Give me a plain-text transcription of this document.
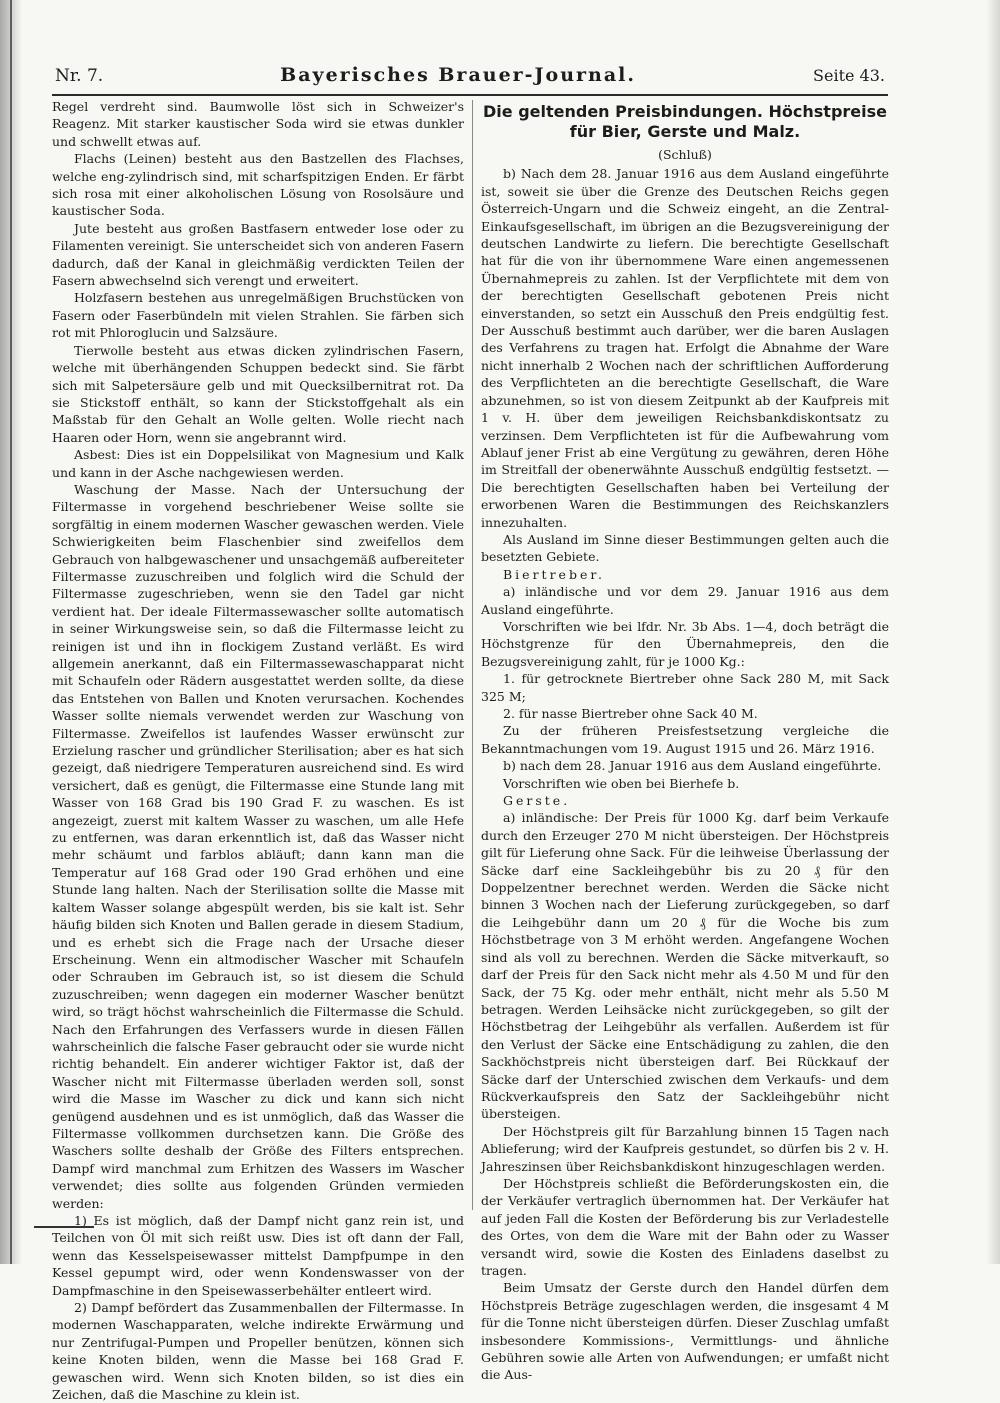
Nr. 7.	Bayerisches Brauer-Journal.	Seite 43.

Regel verdreht sind. Baumwolle löst sich in Schweizer's Reagenz. Mit starker kaustischer Soda wird sie etwas dunkler und schwellt etwas auf.

Flachs (Leinen) besteht aus den Bastzellen des Flachses, welche eng-zylindrisch sind, mit scharfspitzigen Enden. Er färbt sich rosa mit einer alkoholischen Lösung von Rosolsäure und kaustischer Soda.

Jute besteht aus großen Bastfasern entweder lose oder zu Filamenten vereinigt. Sie unterscheidet sich von anderen Fasern dadurch, daß der Kanal in gleichmäßig verdickten Teilen der Fasern abwechselnd sich verengt und erweitert.

Holzfasern bestehen aus unregelmäßigen Bruchstücken von Fasern oder Faserbündeln mit vielen Strahlen. Sie färben sich rot mit Phloroglucin und Salzsäure.

Tierwolle besteht aus etwas dicken zylindrischen Fasern, welche mit überhängenden Schuppen bedeckt sind. Sie färbt sich mit Salpetersäure gelb und mit Quecksilbernitrat rot. Da sie Stickstoff enthält, so kann der Stickstoffgehalt als ein Maßstab für den Gehalt an Wolle gelten. Wolle riecht nach Haaren oder Horn, wenn sie angebrannt wird.

Asbest: Dies ist ein Doppelsilikat von Magnesium und Kalk und kann in der Asche nachgewiesen werden.

Waschung der Masse. Nach der Untersuchung der Filtermasse in vorgehend beschriebener Weise sollte sie sorgfältig in einem modernen Wascher gewaschen werden. Viele Schwierigkeiten beim Flaschenbier sind zweifellos dem Gebrauch von halbgewaschener und unsachgemäß aufbereiteter Filtermasse zuzuschreiben und folglich wird die Schuld der Filtermasse zugeschrieben, wenn sie den Tadel gar nicht verdient hat. Der ideale Filtermassewascher sollte automatisch in seiner Wirkungsweise sein, so daß die Filtermasse leicht zu reinigen ist und ihn in flockigem Zustand verläßt. Es wird allgemein anerkannt, daß ein Filtermassewaschapparat nicht mit Schaufeln oder Rädern ausgestattet werden sollte, da diese das Entstehen von Ballen und Knoten verursachen. Kochendes Wasser sollte niemals verwendet werden zur Waschung von Filtermasse. Zweifellos ist laufendes Wasser erwünscht zur Erzielung rascher und gründlicher Sterilisation; aber es hat sich gezeigt, daß niedrigere Temperaturen ausreichend sind. Es wird versichert, daß es genügt, die Filtermasse eine Stunde lang mit Wasser von 168 Grad bis 190 Grad F. zu waschen. Es ist angezeigt, zuerst mit kaltem Wasser zu waschen, um alle Hefe zu entfernen, was daran erkenntlich ist, daß das Wasser nicht mehr schäumt und farblos abläuft; dann kann man die Temperatur auf 168 Grad oder 190 Grad erhöhen und eine Stunde lang halten. Nach der Sterilisation sollte die Masse mit kaltem Wasser solange abgespült werden, bis sie kalt ist. Sehr häufig bilden sich Knoten und Ballen gerade in diesem Stadium, und es erhebt sich die Frage nach der Ursache dieser Erscheinung. Wenn ein altmodischer Wascher mit Schaufeln oder Schrauben im Gebrauch ist, so ist diesem die Schuld zuzuschreiben; wenn dagegen ein moderner Wascher benützt wird, so trägt höchst wahrscheinlich die Filtermasse die Schuld. Nach den Erfahrungen des Verfassers wurde in diesen Fällen wahrscheinlich die falsche Faser gebraucht oder sie wurde nicht richtig behandelt. Ein anderer wichtiger Faktor ist, daß der Wascher nicht mit Filtermasse überladen werden soll, sonst wird die Masse im Wascher zu dick und kann sich nicht genügend ausdehnen und es ist unmöglich, daß das Wasser die Filtermasse vollkommen durchsetzen kann. Die Größe des Waschers sollte deshalb der Größe des Filters entsprechen. Dampf wird manchmal zum Erhitzen des Wassers im Wascher verwendet; dies sollte aus folgenden Gründen vermieden werden:

1) Es ist möglich, daß der Dampf nicht ganz rein ist, und Teilchen von Öl mit sich reißt usw. Dies ist oft dann der Fall, wenn das Kesselspeisewasser mittelst Dampfpumpe in den Kessel gepumpt wird, oder wenn Kondenswasser von der Dampfmaschine in den Speisewasserbehälter entleert wird.

2) Dampf befördert das Zusammenballen der Filtermasse. In modernen Waschapparaten, welche indirekte Erwärmung und nur Zentrifugal-Pumpen und Propeller benützen, können sich keine Knoten bilden, wenn die Masse bei 168 Grad F. gewaschen wird. Wenn sich Knoten bilden, so ist dies ein Zeichen, daß die Maschine zu klein ist.

Die geltenden Preisbindungen. Höchstpreise für Bier, Gerste und Malz.
(Schluß)

b) Nach dem 28. Januar 1916 aus dem Ausland eingeführte ist, soweit sie über die Grenze des Deutschen Reichs gegen Österreich-Ungarn und die Schweiz eingeht, an die Zentral-Einkaufsgesellschaft, im übrigen an die Bezugsvereinigung der deutschen Landwirte zu liefern. Die berechtigte Gesellschaft hat für die von ihr übernommene Ware einen angemessenen Übernahmepreis zu zahlen. Ist der Verpflichtete mit dem von der berechtigten Gesellschaft gebotenen Preis nicht einverstanden, so setzt ein Ausschuß den Preis endgültig fest. Der Ausschuß bestimmt auch darüber, wer die baren Auslagen des Verfahrens zu tragen hat. Erfolgt die Abnahme der Ware nicht innerhalb 2 Wochen nach der schriftlichen Aufforderung des Verpflichteten an die berechtigte Gesellschaft, die Ware abzunehmen, so ist von diesem Zeitpunkt ab der Kaufpreis mit 1 v. H. über dem jeweiligen Reichsbankdiskontsatz zu verzinsen. Dem Verpflichteten ist für die Aufbewahrung vom Ablauf jener Frist ab eine Vergütung zu gewähren, deren Höhe im Streitfall der obenerwähnte Ausschuß endgültig festsetzt. — Die berechtigten Gesellschaften haben bei Verteilung der erworbenen Waren die Bestimmungen des Reichskanzlers innezuhalten.

Als Ausland im Sinne dieser Bestimmungen gelten auch die besetzten Gebiete.

Biertreber.

a) inländische und vor dem 29. Januar 1916 aus dem Ausland eingeführte.

Vorschriften wie bei lfdr. Nr. 3b Abs. 1—4, doch beträgt die Höchstgrenze für den Übernahmepreis, den die Bezugsvereinigung zahlt, für je 1000 Kg.:

1. für getrocknete Biertreber ohne Sack 280 M, mit Sack 325 M;

2. für nasse Biertreber ohne Sack 40 M.

Zu der früheren Preisfestsetzung vergleiche die Bekanntmachungen vom 19. August 1915 und 26. März 1916.

b) nach dem 28. Januar 1916 aus dem Ausland eingeführte.

Vorschriften wie oben bei Bierhefe b.

Gerste.

a) inländische: Der Preis für 1000 Kg. darf beim Verkaufe durch den Erzeuger 270 M nicht übersteigen. Der Höchstpreis gilt für Lieferung ohne Sack. Für die leihweise Überlassung der Säcke darf eine Sackleihgebühr bis zu 20 ₰ für den Doppelzentner berechnet werden. Werden die Säcke nicht binnen 3 Wochen nach der Lieferung zurückgegeben, so darf die Leihgebühr dann um 20 ₰ für die Woche bis zum Höchstbetrage von 3 M erhöht werden. Angefangene Wochen sind als voll zu berechnen. Werden die Säcke mitverkauft, so darf der Preis für den Sack nicht mehr als 4.50 M und für den Sack, der 75 Kg. oder mehr enthält, nicht mehr als 5.50 M betragen. Werden Leihsäcke nicht zurückgegeben, so gilt der Höchstbetrag der Leihgebühr als verfallen. Außerdem ist für den Verlust der Säcke eine Entschädigung zu zahlen, die den Sackhöchstpreis nicht übersteigen darf. Bei Rückkauf der Säcke darf der Unterschied zwischen dem Verkaufs- und dem Rückverkaufspreis den Satz der Sackleihgebühr nicht übersteigen.

Der Höchstpreis gilt für Barzahlung binnen 15 Tagen nach Ablieferung; wird der Kaufpreis gestundet, so dürfen bis 2 v. H. Jahreszinsen über Reichsbankdiskont hinzugeschlagen werden.

Der Höchstpreis schließt die Beförderungskosten ein, die der Verkäufer vertraglich übernommen hat. Der Verkäufer hat auf jeden Fall die Kosten der Beförderung bis zur Verladestelle des Ortes, von dem die Ware mit der Bahn oder zu Wasser versandt wird, sowie die Kosten des Einladens daselbst zu tragen.

Beim Umsatz der Gerste durch den Handel dürfen dem Höchstpreis Beträge zugeschlagen werden, die insgesamt 4 M für die Tonne nicht übersteigen dürfen. Dieser Zuschlag umfaßt insbesondere Kommissions-, Vermittlungs- und ähnliche Gebühren sowie alle Arten von Aufwendungen; er umfaßt nicht die Aus-
